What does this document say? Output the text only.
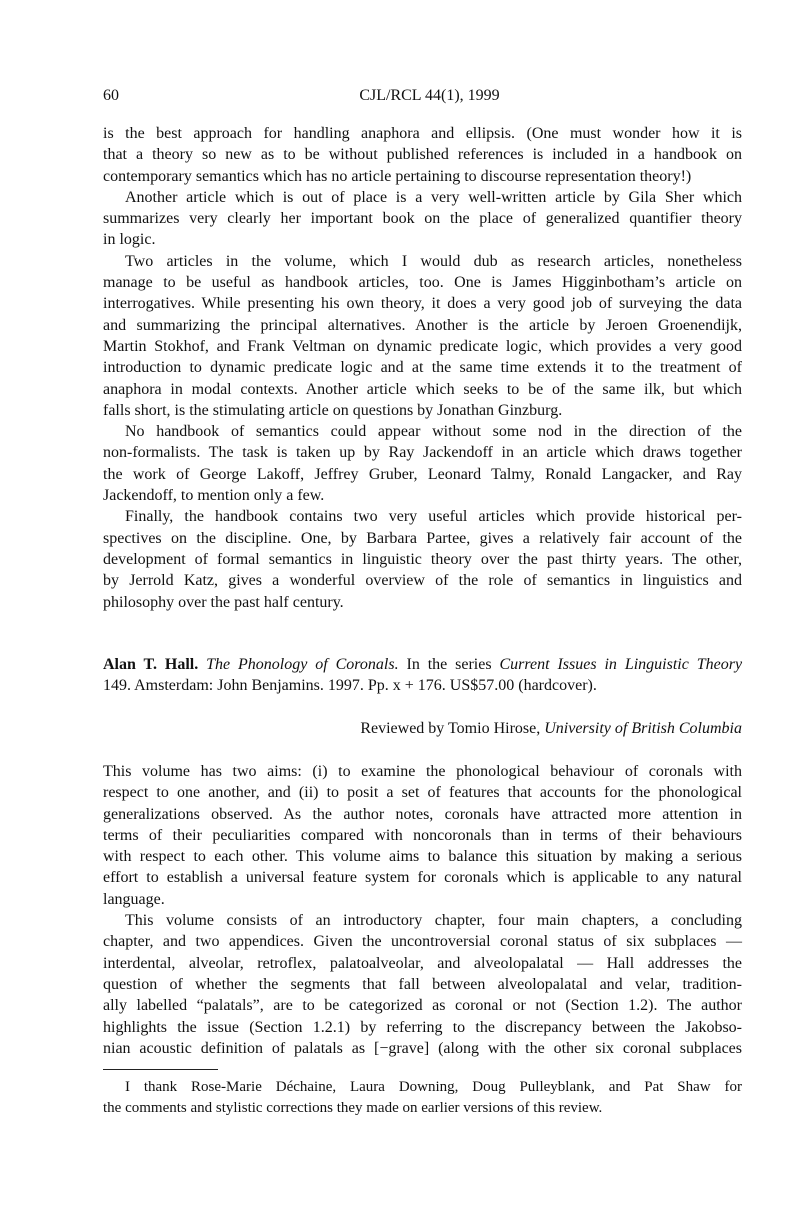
60	CJL/RCL 44(1), 1999
is the best approach for handling anaphora and ellipsis. (One must wonder how it is
that a theory so new as to be without published references is included in a handbook on
contemporary semantics which has no article pertaining to discourse representation theory!)
Another article which is out of place is a very well-written article by Gila Sher which
summarizes very clearly her important book on the place of generalized quantifier theory
in logic.
Two articles in the volume, which I would dub as research articles, nonetheless
manage to be useful as handbook articles, too. One is James Higginbotham’s article on
interrogatives. While presenting his own theory, it does a very good job of surveying the data
and summarizing the principal alternatives. Another is the article by Jeroen Groenendijk,
Martin Stokhof, and Frank Veltman on dynamic predicate logic, which provides a very good
introduction to dynamic predicate logic and at the same time extends it to the treatment of
anaphora in modal contexts. Another article which seeks to be of the same ilk, but which
falls short, is the stimulating article on questions by Jonathan Ginzburg.
No handbook of semantics could appear without some nod in the direction of the
non-formalists. The task is taken up by Ray Jackendoff in an article which draws together
the work of George Lakoff, Jeffrey Gruber, Leonard Talmy, Ronald Langacker, and Ray
Jackendoff, to mention only a few.
Finally, the handbook contains two very useful articles which provide historical per-
spectives on the discipline. One, by Barbara Partee, gives a relatively fair account of the
development of formal semantics in linguistic theory over the past thirty years. The other,
by Jerrold Katz, gives a wonderful overview of the role of semantics in linguistics and
philosophy over the past half century.
Alan T. Hall. The Phonology of Coronals. In the series Current Issues in Linguistic Theory
149. Amsterdam: John Benjamins. 1997. Pp. x + 176. US$57.00 (hardcover).
Reviewed by Tomio Hirose, University of British Columbia
This volume has two aims: (i) to examine the phonological behaviour of coronals with
respect to one another, and (ii) to posit a set of features that accounts for the phonological
generalizations observed. As the author notes, coronals have attracted more attention in
terms of their peculiarities compared with noncoronals than in terms of their behaviours
with respect to each other. This volume aims to balance this situation by making a serious
effort to establish a universal feature system for coronals which is applicable to any natural
language.
This volume consists of an introductory chapter, four main chapters, a concluding
chapter, and two appendices. Given the uncontroversial coronal status of six subplaces —
interdental, alveolar, retroflex, palatoalveolar, and alveolopalatal — Hall addresses the
question of whether the segments that fall between alveolopalatal and velar, tradition-
ally labelled “palatals”, are to be categorized as coronal or not (Section 1.2). The author
highlights the issue (Section 1.2.1) by referring to the discrepancy between the Jakobso-
nian acoustic definition of palatals as [−grave] (along with the other six coronal subplaces
I thank Rose-Marie Déchaine, Laura Downing, Doug Pulleyblank, and Pat Shaw for
the comments and stylistic corrections they made on earlier versions of this review.
